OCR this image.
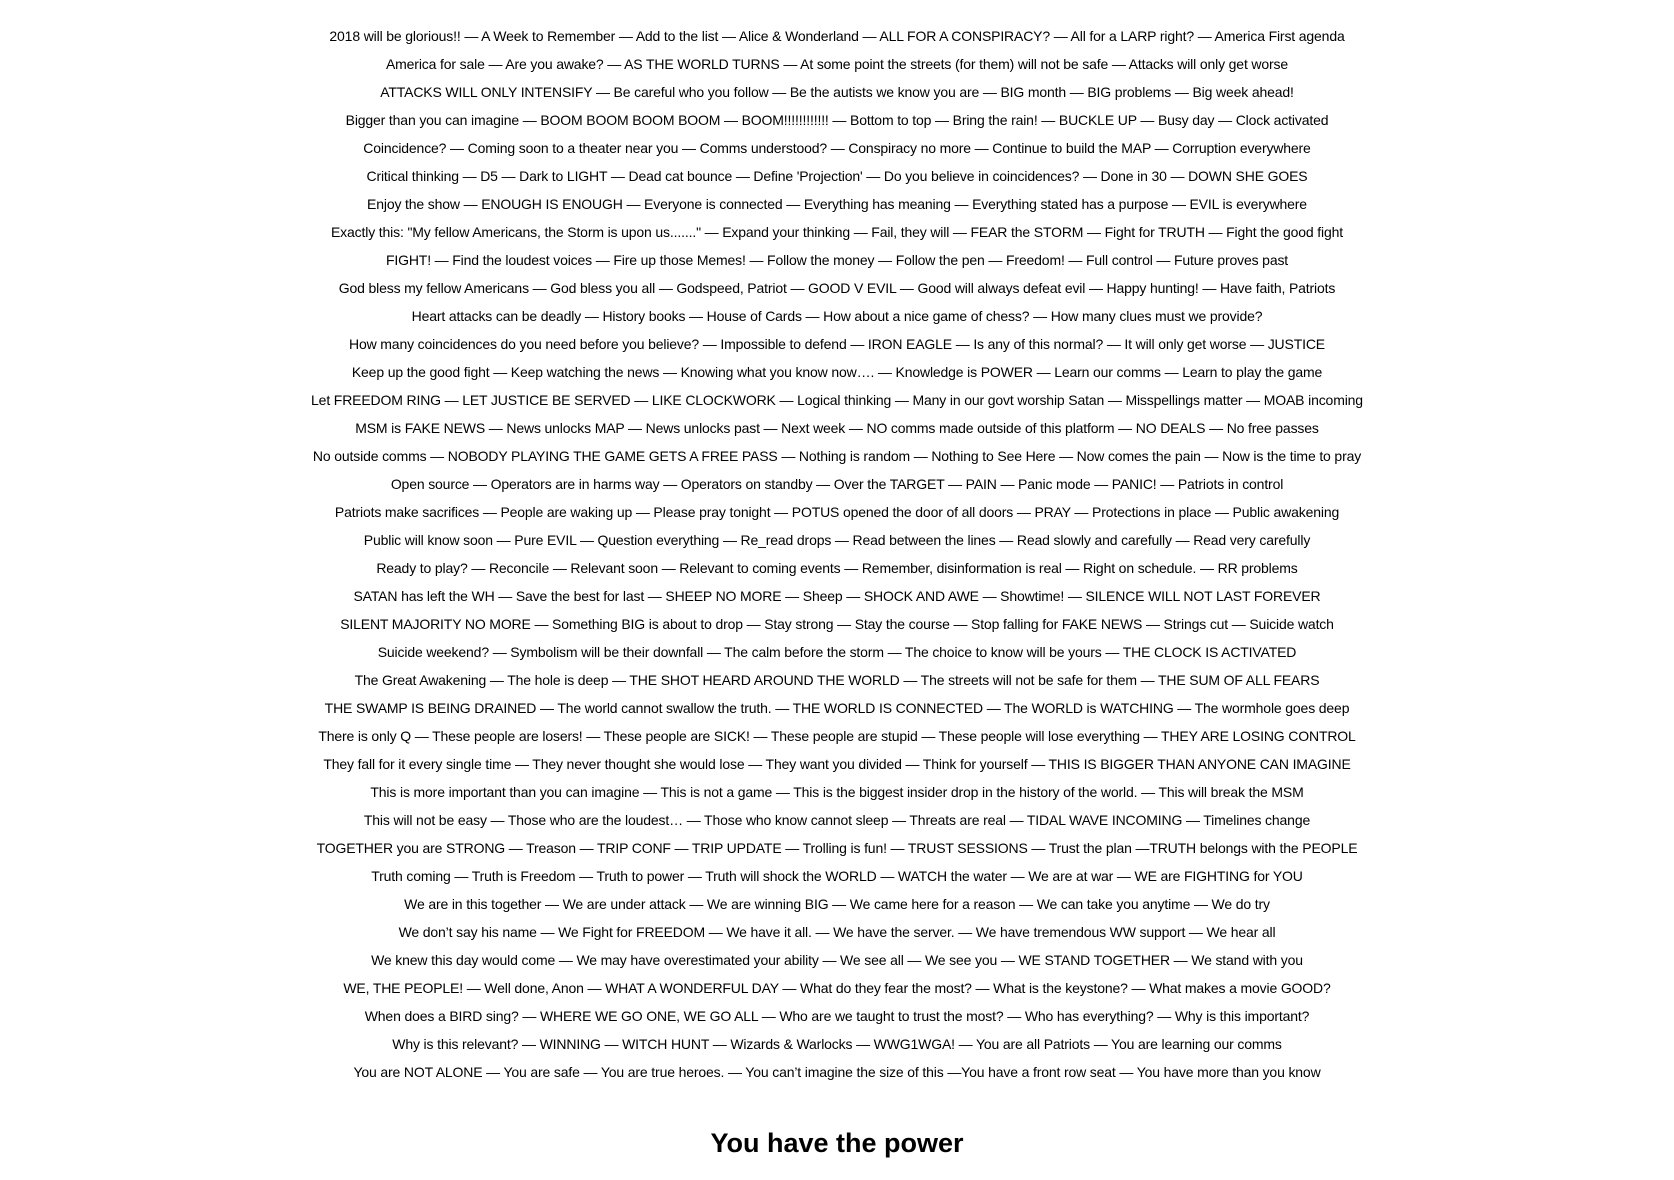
2018 will be glorious!! — A Week to Remember — Add to the list — Alice & Wonderland — ALL FOR A CONSPIRACY? — All for a LARP right? — America First agenda
America for sale — Are you awake? — AS THE WORLD TURNS — At some point the streets (for them) will not be safe — Attacks will only get worse
ATTACKS WILL ONLY INTENSIFY — Be careful who you follow — Be the autists we know you are — BIG month — BIG problems — Big week ahead!
Bigger than you can imagine — BOOM BOOM BOOM BOOM — BOOM!!!!!!!!!!!! — Bottom to top — Bring the rain! — BUCKLE UP — Busy day — Clock activated
Coincidence? — Coming soon to a theater near you — Comms understood? — Conspiracy no more — Continue to build the MAP — Corruption everywhere
Critical thinking — D5 — Dark to LIGHT — Dead cat bounce — Define 'Projection' — Do you believe in coincidences? — Done in 30 — DOWN SHE GOES
Enjoy the show — ENOUGH IS ENOUGH — Everyone is connected — Everything has meaning — Everything stated has a purpose — EVIL is everywhere
Exactly this: "My fellow Americans, the Storm is upon us......." — Expand your thinking — Fail, they will — FEAR the STORM — Fight for TRUTH — Fight the good fight
FIGHT! — Find the loudest voices — Fire up those Memes! — Follow the money — Follow the pen — Freedom! — Full control — Future proves past
God bless my fellow Americans — God bless you all — Godspeed, Patriot — GOOD V EVIL — Good will always defeat evil — Happy hunting! — Have faith, Patriots
Heart attacks can be deadly — History books — House of Cards — How about a nice game of chess? — How many clues must we provide?
How many coincidences do you need before you believe? — Impossible to defend — IRON EAGLE — Is any of this normal? — It will only get worse — JUSTICE
Keep up the good fight — Keep watching the news — Knowing what you know now…. — Knowledge is POWER — Learn our comms — Learn to play the game
Let FREEDOM RING — LET JUSTICE BE SERVED — LIKE CLOCKWORK — Logical thinking — Many in our govt worship Satan — Misspellings matter — MOAB incoming
MSM is FAKE NEWS — News unlocks MAP — News unlocks past — Next week — NO comms made outside of this platform — NO DEALS — No free passes
No outside comms — NOBODY PLAYING THE GAME GETS A FREE PASS — Nothing is random — Nothing to See Here — Now comes the pain — Now is the time to pray
Open source — Operators are in harms way — Operators on standby — Over the TARGET — PAIN — Panic mode — PANIC! — Patriots in control
Patriots make sacrifices — People are waking up — Please pray tonight — POTUS opened the door of all doors — PRAY — Protections in place — Public awakening
Public will know soon — Pure EVIL — Question everything — Re_read drops — Read between the lines — Read slowly and carefully — Read very carefully
Ready to play? — Reconcile — Relevant soon — Relevant to coming events — Remember, disinformation is real — Right on schedule. — RR problems
SATAN has left the WH — Save the best for last — SHEEP NO MORE — Sheep — SHOCK AND AWE — Showtime! — SILENCE WILL NOT LAST FOREVER
SILENT MAJORITY NO MORE — Something BIG is about to drop — Stay strong — Stay the course — Stop falling for FAKE NEWS — Strings cut — Suicide watch
Suicide weekend? — Symbolism will be their downfall — The calm before the storm — The choice to know will be yours — THE CLOCK IS ACTIVATED
The Great Awakening — The hole is deep — THE SHOT HEARD AROUND THE WORLD — The streets will not be safe for them — THE SUM OF ALL FEARS
THE SWAMP IS BEING DRAINED — The world cannot swallow the truth. — THE WORLD IS CONNECTED — The WORLD is WATCHING — The wormhole goes deep
There is only Q — These people are losers! — These people are SICK! — These people are stupid — These people will lose everything — THEY ARE LOSING CONTROL
They fall for it every single time — They never thought she would lose — They want you divided — Think for yourself — THIS IS BIGGER THAN ANYONE CAN IMAGINE
This is more important than you can imagine — This is not a game — This is the biggest insider drop in the history of the world. — This will break the MSM
This will not be easy — Those who are the loudest… — Those who know cannot sleep — Threats are real — TIDAL WAVE INCOMING — Timelines change
TOGETHER you are STRONG — Treason — TRIP CONF — TRIP UPDATE — Trolling is fun! — TRUST SESSIONS — Trust the plan —TRUTH belongs with the PEOPLE
Truth coming — Truth is Freedom — Truth to power — Truth will shock the WORLD — WATCH the water — We are at war — WE are FIGHTING for YOU
We are in this together — We are under attack — We are winning BIG — We came here for a reason — We can take you anytime — We do try
We don’t say his name — We Fight for FREEDOM — We have it all. — We have the server. — We have tremendous WW support — We hear all
We knew this day would come — We may have overestimated your ability — We see all — We see you — WE STAND TOGETHER — We stand with you
WE, THE PEOPLE! — Well done, Anon — WHAT A WONDERFUL DAY — What do they fear the most? — What is the keystone? — What makes a movie GOOD?
When does a BIRD sing? — WHERE WE GO ONE, WE GO ALL — Who are we taught to trust the most? — Who has everything? — Why is this important?
Why is this relevant? — WINNING — WITCH HUNT — Wizards & Warlocks — WWG1WGA! — You are all Patriots — You are learning our comms
You are NOT ALONE — You are safe — You are true heroes. — You can’t imagine the size of this —You have a front row seat — You have more than you know
You have the power
